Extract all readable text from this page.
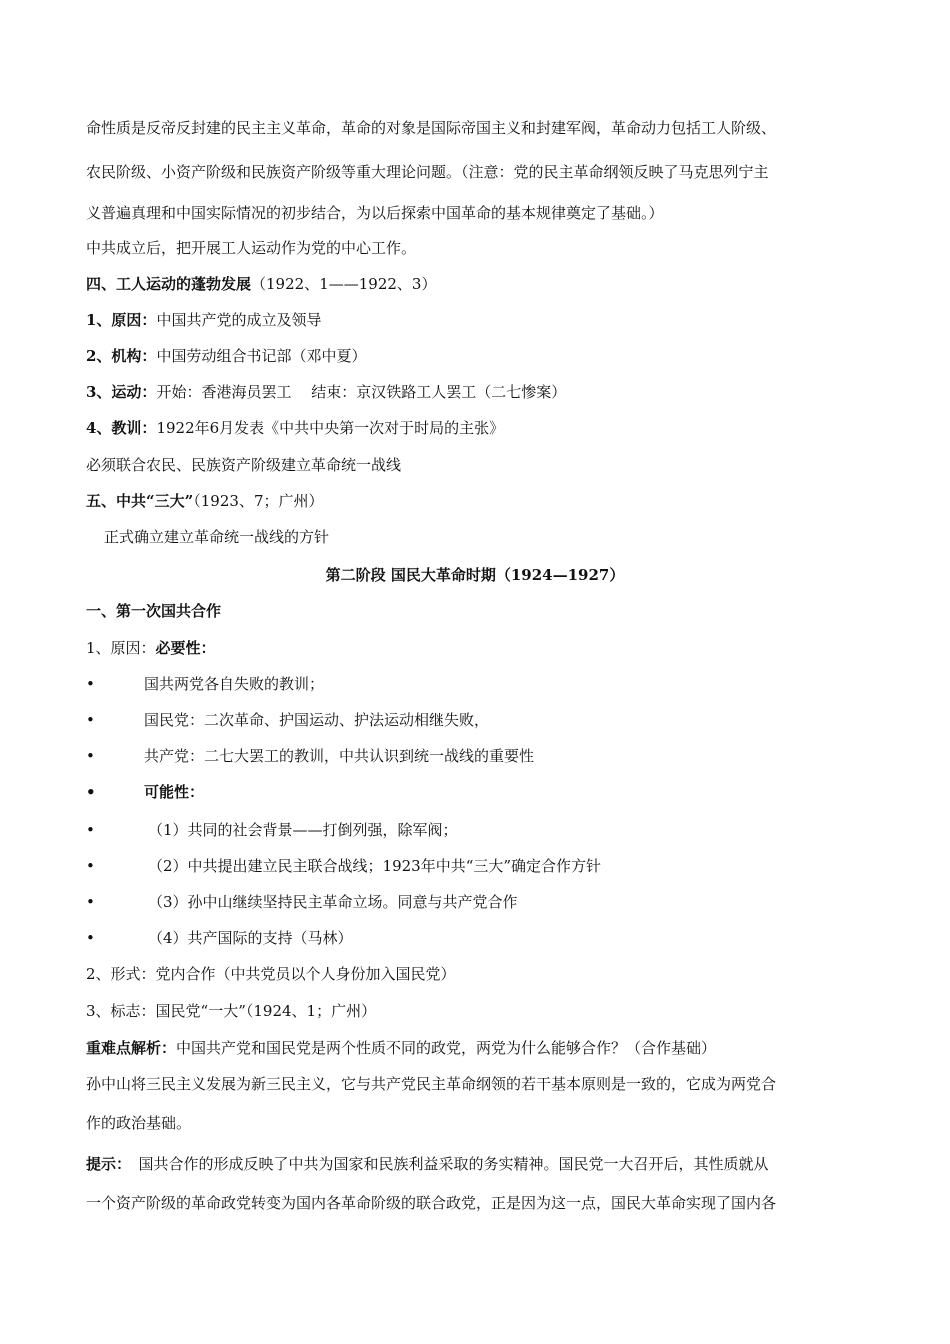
命性质是反帝反封建的民主主义革命，革命的对象是国际帝国主义和封建军阀，革命动力包括工人阶级、
农民阶级、小资产阶级和民族资产阶级等重大理论问题。（注意：党的民主革命纲领反映了马克思列宁主
义普遍真理和中国实际情况的初步结合，为以后探索中国革命的基本规律奠定了基础。）
中共成立后，把开展工人运动作为党的中心工作。
四、工人运动的蓬勃发展（1922、1——1922、3）
1、原因：中国共产党的成立及领导
2、机构：中国劳动组合书记部（邓中夏）
3、运动：开始：香港海员罢工　 结束：京汉铁路工人罢工（二七惨案）
4、教训：1922年6月发表《中共中央第一次对于时局的主张》
必须联合农民、民族资产阶级建立革命统一战线
五、中共“三大”（1923、7；广州）
正式确立建立革命统一战线的方针
第二阶段 国民大革命时期（1924—1927）
一、第一次国共合作
1、原因：必要性：
•	国共两党各自失败的教训；
•	国民党：二次革命、护国运动、护法运动相继失败，
•	共产党：二七大罢工的教训，中共认识到统一战线的重要性
•	可能性：
•	（1）共同的社会背景——打倒列强，除军阀；
•	（2）中共提出建立民主联合战线；1923年中共“三大”确定合作方针
•	（3）孙中山继续坚持民主革命立场。同意与共产党合作
•	（4）共产国际的支持（马林）
2、形式：党内合作（中共党员以个人身份加入国民党）
3、标志：国民党“一大”（1924、1；广州）
重难点解析：中国共产党和国民党是两个性质不同的政党，两党为什么能够合作？（合作基础）
孙中山将三民主义发展为新三民主义，它与共产党民主革命纲领的若干基本原则是一致的，它成为两党合
作的政治基础。
提示：　国共合作的形成反映了中共为国家和民族利益采取的务实精神。国民党一大召开后，其性质就从
一个资产阶级的革命政党转变为国内各革命阶级的联合政党，正是因为这一点，国民大革命实现了国内各
